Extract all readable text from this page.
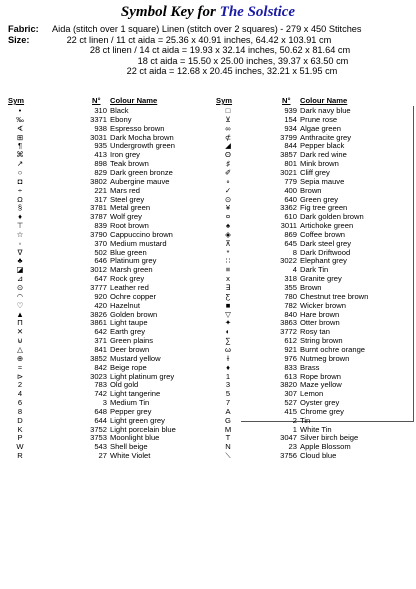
Symbol Key for The Solstice
Fabric: Aida (stitch over 1 square) Linen (stitch over 2 squares) - 279 x 450 Stitches
Size:	22 ct linen / 11 ct aida = 25.36 x 40.91 inches, 64.42 x 103.91 cm
28 ct linen / 14 ct aida = 19.93 x 32.14 inches, 50.62 x 81.64 cm
18 ct aida = 15.50 x 25.00 inches, 39.37 x 63.50 cm
22 ct aida = 12.68 x 20.45 inches, 32.21 x 51.95 cm
Sym	N° Colour Name
•	310 Black
‰	3371 Ebony
∢	938 Espresso brown
⊞	3031 Dark Mocha brown
¶	935 Undergrowth green
⌘	413 Iron grey
↗	898 Teak brown
○	829 Dark green bronze
◘	3802 Aubergine mauve
÷	221 Mars red
Ω	317 Steel grey
§	3781 Metal green
♦	3787 Wolf grey
⊤	839 Root brown
☆	3790 Cappuccino brown
◦	370 Medium mustard
∇	502 Blue green
♣	646 Platinum grey
◪	3012 Marsh green
⊿	647 Rock grey
⊙	3777 Leather red
◠	920 Ochre copper
♡	420 Hazelnut
▲	3826 Golden brown
Π	3861 Light taupe
✕	642 Earth grey
⊌	371 Green plains
△	841 Deer brown
⊕	3852 Mustard yellow
≈	842 Beige rope
⊳	3023 Light platinum grey
2	783 Old gold
4	742 Light tangerine
6	3 Medium Tin
8	648 Pepper grey
D	644 Light green grey
K	3752 Light porcelain blue
P	3753 Moonlight blue
W	543 Shell beige
R	27 White Violet
Sym	N° Colour Name
□	939 Dark navy blue
⊻	154 Prune rose
∞	934 Algae green
⊄	3799 Anthracite grey
◢	844 Pepper black
ʘ	3857 Dark red wine
♯	801 Mink brown
✐	3021 Cliff grey
∘	779 Sepia mauve
✓	400 Brown
⊙	640 Green grey
¥	3362 Fig tree green
¤	610 Dark golden brown
♠	3011 Artichoke green
◈	869 Coffee brown
⊼	645 Dark steel grey
*	8 Dark Driftwood
∷	3022 Elephant grey
≡	4 Dark Tin
x	318 Granite grey
∃	355 Brown
Ƹ	780 Chestnut tree brown
■	782 Wicker brown
▽	840 Hare brown
✦	3863 Otter brown
◐	3772 Rosy tan
∑	612 String brown
ω	921 Burnt ochre orange
ɫ	976 Nutmeg brown
♦	833 Brass
1	613 Rope brown
3	3820 Maze yellow
5	307 Lemon
7	527 Oyster grey
A	415 Chrome grey
G	2 Tin
M	1 White Tin
T	3047 Silver birch beige
N	23 Apple Blossom
⟍	3756 Cloud blue
